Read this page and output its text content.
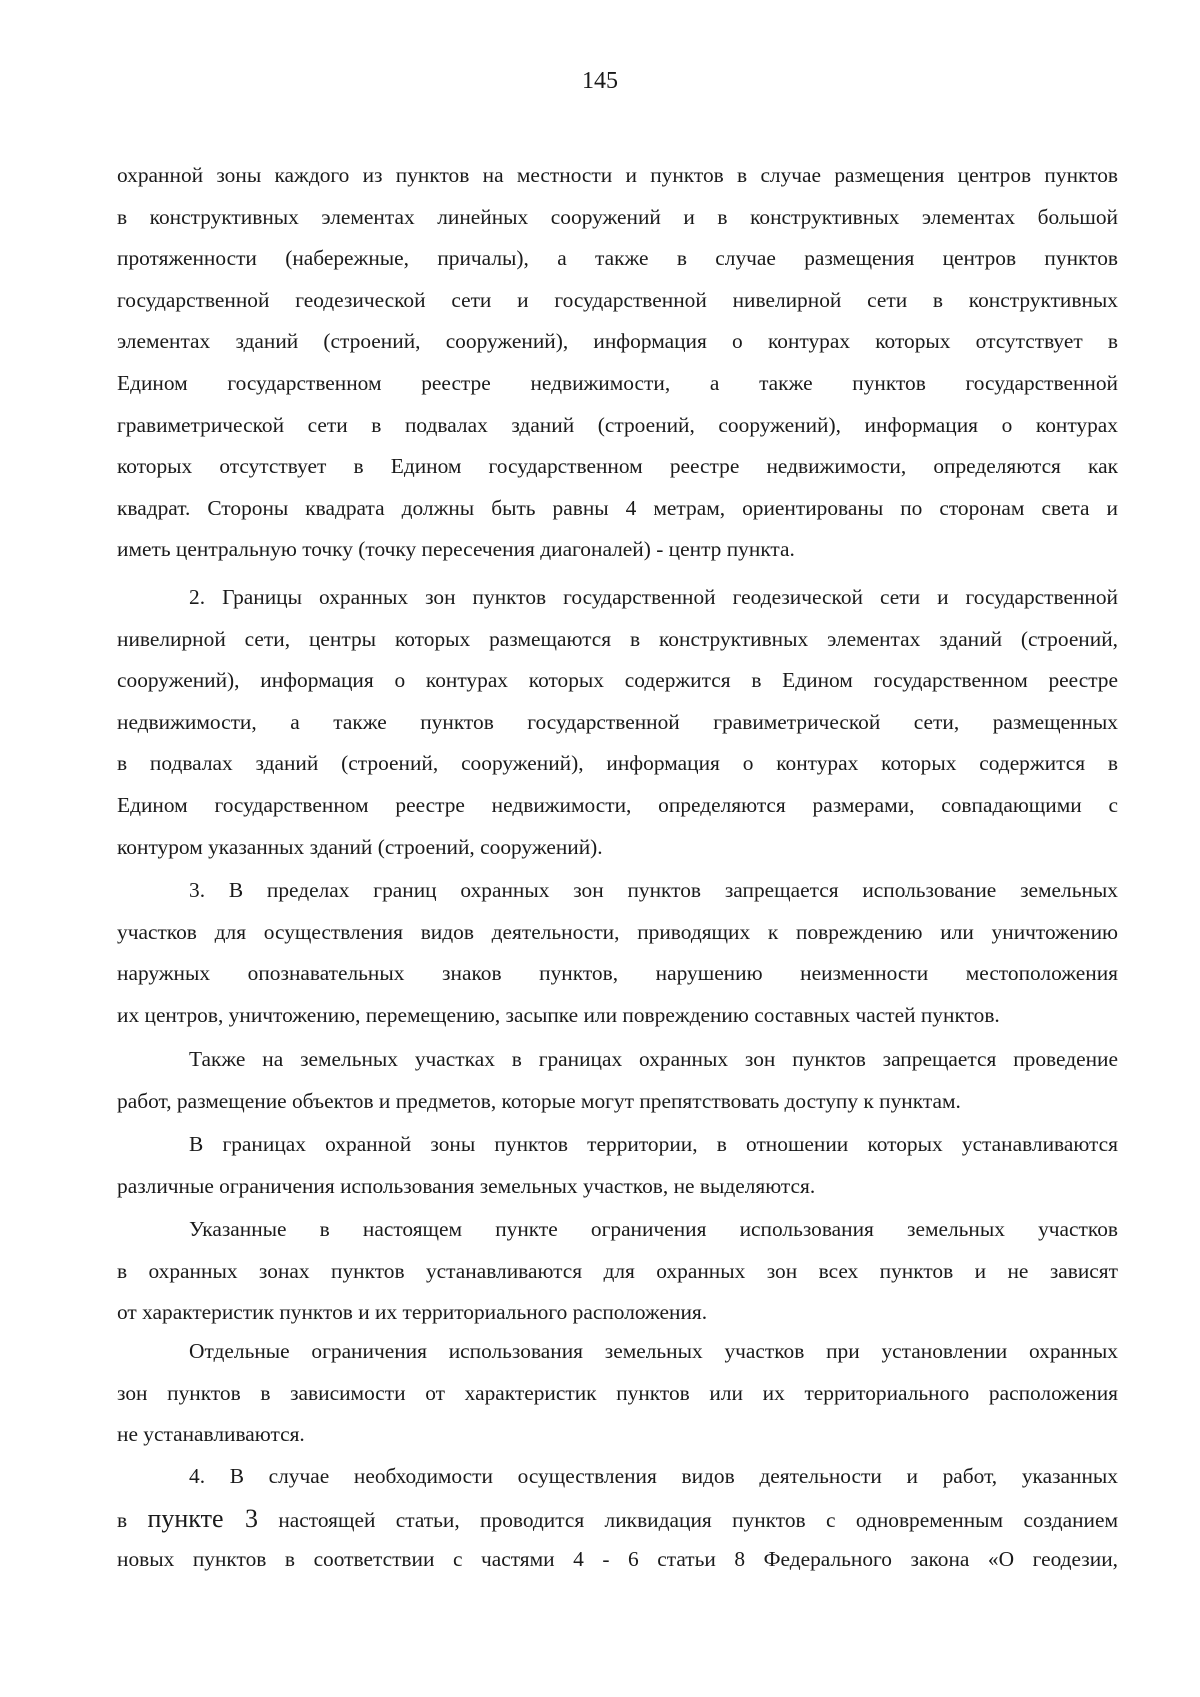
145
охранной зоны каждого из пунктов на местности и пунктов в случае размещения центров пунктов
в конструктивных элементах линейных сооружений и в конструктивных элементах большой
протяженности (набережные, причалы), а также в случае размещения центров пунктов
государственной геодезической сети и государственной нивелирной сети в конструктивных
элементах зданий (строений, сооружений), информация о контурах которых отсутствует в
Едином государственном реестре недвижимости, а также пунктов государственной
гравиметрической сети в подвалах зданий (строений, сооружений), информация о контурах
которых отсутствует в Едином государственном реестре недвижимости, определяются как
квадрат. Стороны квадрата должны быть равны 4 метрам, ориентированы по сторонам света и
иметь центральную точку (точку пересечения диагоналей) - центр пункта.
2. Границы охранных зон пунктов государственной геодезической сети и государственной
нивелирной сети, центры которых размещаются в конструктивных элементах зданий (строений,
сооружений), информация о контурах которых содержится в Едином государственном реестре
недвижимости, а также пунктов государственной гравиметрической сети, размещенных
в подвалах зданий (строений, сооружений), информация о контурах которых содержится в
Едином государственном реестре недвижимости, определяются размерами, совпадающими с
контуром указанных зданий (строений, сооружений).
3. В пределах границ охранных зон пунктов запрещается использование земельных
участков для осуществления видов деятельности, приводящих к повреждению или уничтожению
наружных опознавательных знаков пунктов, нарушению неизменности местоположения
их центров, уничтожению, перемещению, засыпке или повреждению составных частей пунктов.
Также на земельных участках в границах охранных зон пунктов запрещается проведение
работ, размещение объектов и предметов, которые могут препятствовать доступу к пунктам.
В границах охранной зоны пунктов территории, в отношении которых устанавливаются
различные ограничения использования земельных участков, не выделяются.
Указанные в настоящем пункте ограничения использования земельных участков
в охранных зонах пунктов устанавливаются для охранных зон всех пунктов и не зависят
от характеристик пунктов и их территориального расположения.
Отдельные ограничения использования земельных участков при установлении охранных
зон пунктов в зависимости от характеристик пунктов или их территориального расположения
не устанавливаются.
4. В случае необходимости осуществления видов деятельности и работ, указанных
в пункте 3 настоящей статьи, проводится ликвидация пунктов с одновременным созданием
новых пунктов в соответствии с частями 4 - 6 статьи 8 Федерального закона «О геодезии,
